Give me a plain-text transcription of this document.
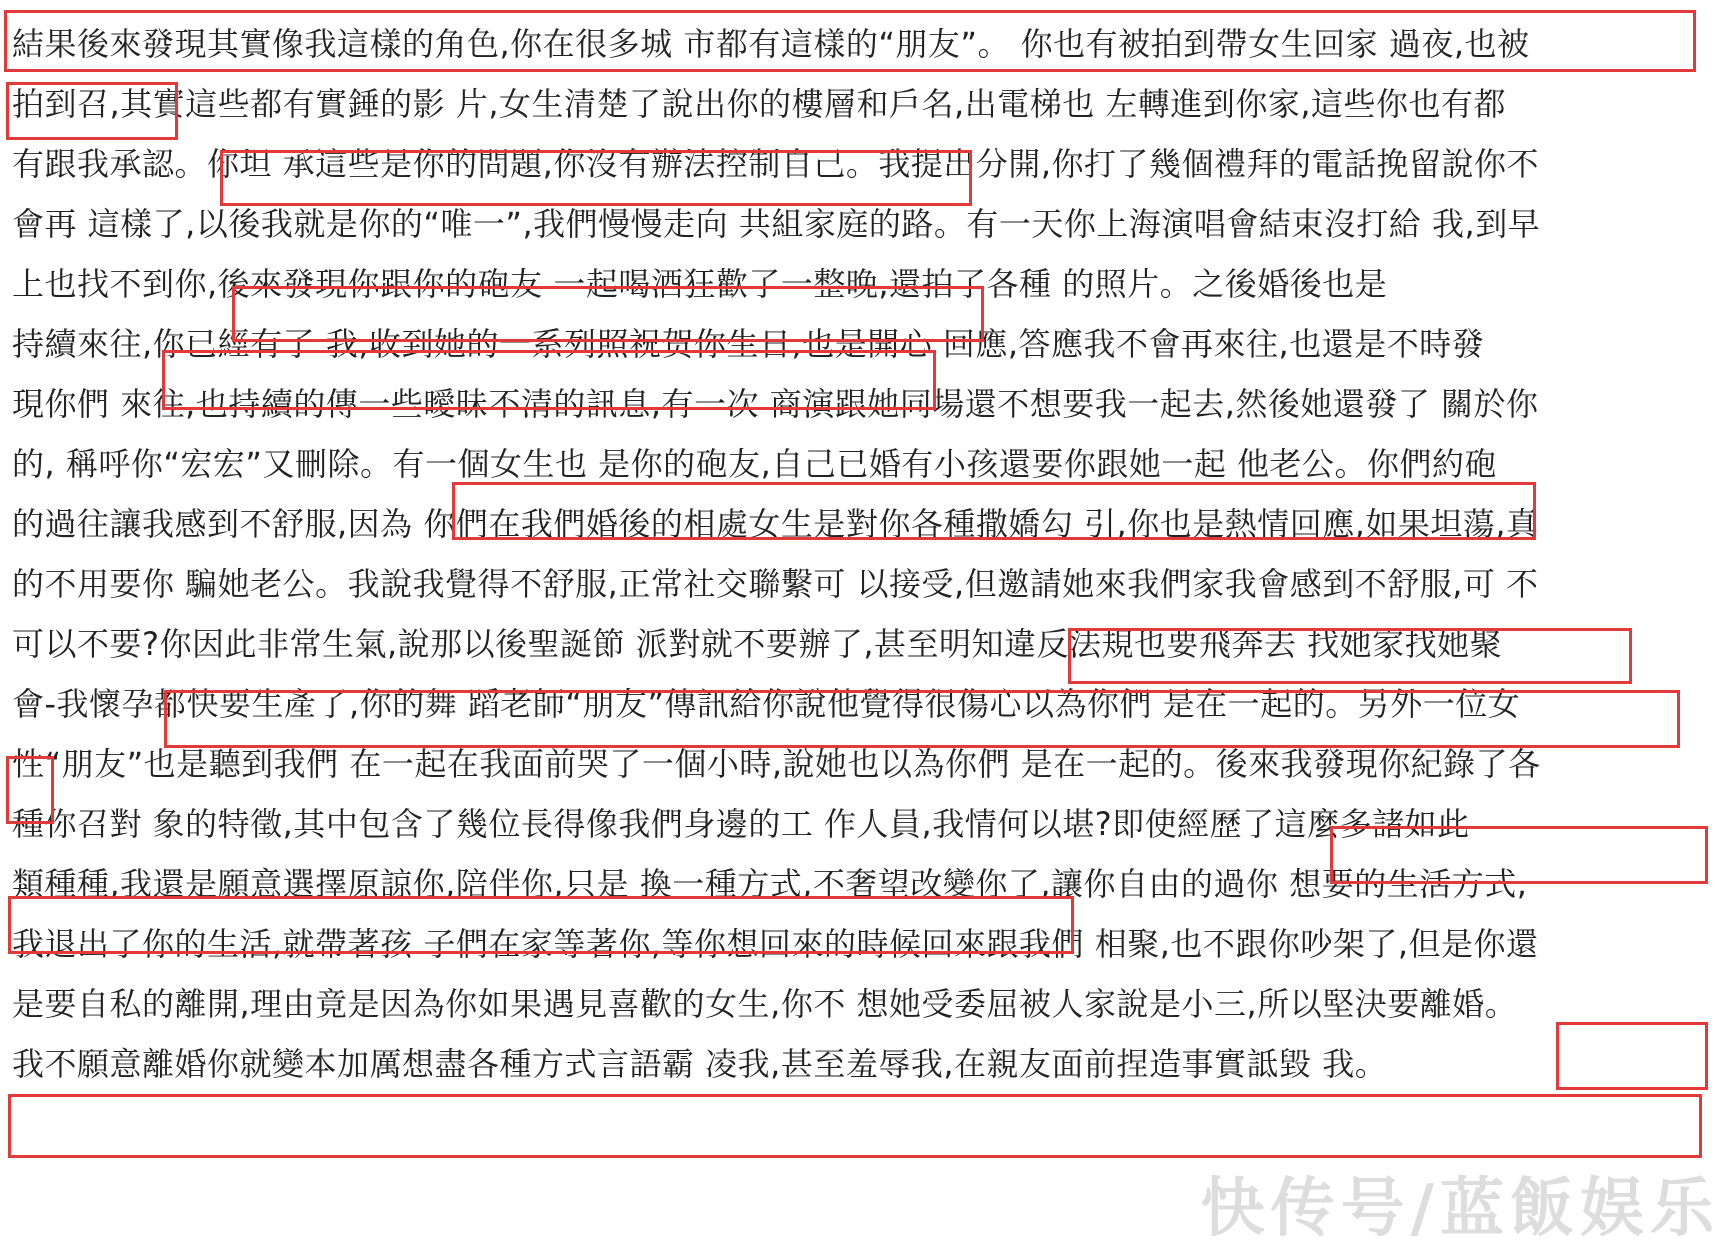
結果後來發現其實像我這樣的角色,你在很多城 市都有這樣的“朋友”。 你也有被拍到帶女生回家 過夜,也被
拍到召,其實這些都有實錘的影 片,女生清楚了說出你的樓層和戶名,出電梯也 左轉進到你家,這些你也有都
有跟我承認。你坦 承這些是你的問題,你沒有辦法控制自己。我提出分開,你打了幾個禮拜的電話挽留說你不
會再 這樣了,以後我就是你的“唯一”,我們慢慢走向 共組家庭的路。有一天你上海演唱會結束沒打給 我,到早
上也找不到你,後來發現你跟你的砲友 一起喝酒狂歡了一整晚,還拍了各種 的照片。之後婚後也是
持續來往,你已經有了 我,收到她的一系列照祝贺你生日,也是開心 回應,答應我不會再來往,也還是不時發
現你們 來往,也持續的傳一些曖昧不清的訊息,有一次 商演跟她同場還不想要我一起去,然後她還發了 關於你
的, 稱呼你“宏宏”又刪除。有一個女生也 是你的砲友,自己已婚有小孩還要你跟她一起 他老公。你們約砲
的過往讓我感到不舒服,因為 你們在我們婚後的相處女生是對你各種撒嬌勾 引,你也是熱情回應,如果坦蕩,真
的不用要你 騙她老公。我說我覺得不舒服,正常社交聯繫可 以接受,但邀請她來我們家我會感到不舒服,可 不
可以不要?你因此非常生氣,說那以後聖誕節 派對就不要辦了,甚至明知違反法規也要飛奔去 找她家找她聚
會-我懷孕都快要生產了,你的舞 蹈老師“朋友”傳訊給你說他覺得很傷心以為你們 是在一起的。另外一位女
性“朋友”也是聽到我們 在一起在我面前哭了一個小時,說她也以為你們 是在一起的。後來我發現你紀錄了各
種你召對 象的特徵,其中包含了幾位長得像我們身邊的工 作人員,我情何以堪?即使經歷了這麼多諸如此
類種種,我還是願意選擇原諒你,陪伴你,只是 換一種方式,不奢望改變你了,讓你自由的過你 想要的生活方式,
我退出了你的生活,就帶著孩 子們在家等著你,等你想回來的時候回來跟我們 相聚,也不跟你吵架了,但是你還
是要自私的離開,理由竟是因為你如果遇見喜歡的女生,你不 想她受委屈被人家說是小三,所以堅決要離婚。
我不願意離婚你就變本加厲想盡各種方式言語霸 凌我,甚至羞辱我,在親友面前捏造事實詆毀 我。
快传号/蓝飯娱乐
